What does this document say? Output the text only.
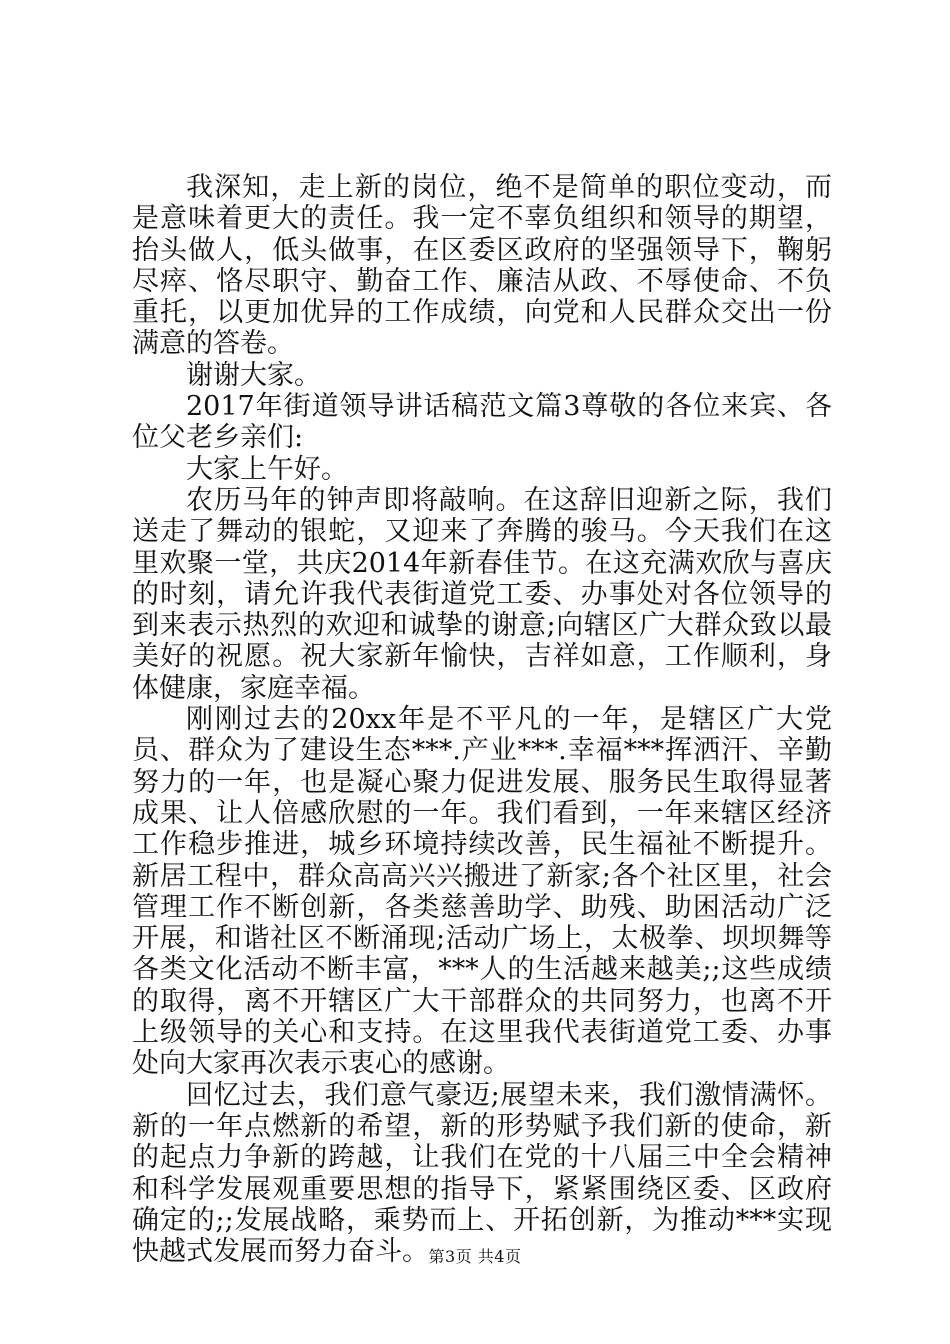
我深知，走上新的岗位，绝不是简单的职位变动，而是意味着更大的责任。我一定不辜负组织和领导的期望，抬头做人，低头做事，在区委区政府的坚强领导下，鞠躬尽瘁、恪尽职守、勤奋工作、廉洁从政、不辱使命、不负重托，以更加优异的工作成绩，向党和人民群众交出一份满意的答卷。

谢谢大家。

2017年街道领导讲话稿范文篇3尊敬的各位来宾、各位父老乡亲们:

大家上午好。

农历马年的钟声即将敲响。在这辞旧迎新之际，我们送走了舞动的银蛇，又迎来了奔腾的骏马。今天我们在这里欢聚一堂，共庆2014年新春佳节。在这充满欢欣与喜庆的时刻，请允许我代表街道党工委、办事处对各位领导的到来表示热烈的欢迎和诚挚的谢意;向辖区广大群众致以最美好的祝愿。祝大家新年愉快，吉祥如意，工作顺利，身体健康，家庭幸福。

刚刚过去的20xx年是不平凡的一年，是辖区广大党员、群众为了建设生态***.产业***.幸福***挥洒汗、辛勤努力的一年，也是凝心聚力促进发展、服务民生取得显著成果、让人倍感欣慰的一年。我们看到，一年来辖区经济工作稳步推进，城乡环境持续改善，民生福祉不断提升。新居工程中，群众高高兴兴搬进了新家;各个社区里，社会管理工作不断创新，各类慈善助学、助残、助困活动广泛开展，和谐社区不断涌现;活动广场上，太极拳、坝坝舞等各类文化活动不断丰富，***人的生活越来越美;;这些成绩的取得，离不开辖区广大干部群众的共同努力，也离不开上级领导的关心和支持。在这里我代表街道党工委、办事处向大家再次表示衷心的感谢。

回忆过去，我们意气豪迈;展望未来，我们激情满怀。新的一年点燃新的希望，新的形势赋予我们新的使命，新的起点力争新的跨越，让我们在党的十八届三中全会精神和科学发展观重要思想的指导下，紧紧围绕区委、区政府确定的;;发展战略，乘势而上、开拓创新，为推动***实现快越式发展而努力奋斗。 第3页 共4页
